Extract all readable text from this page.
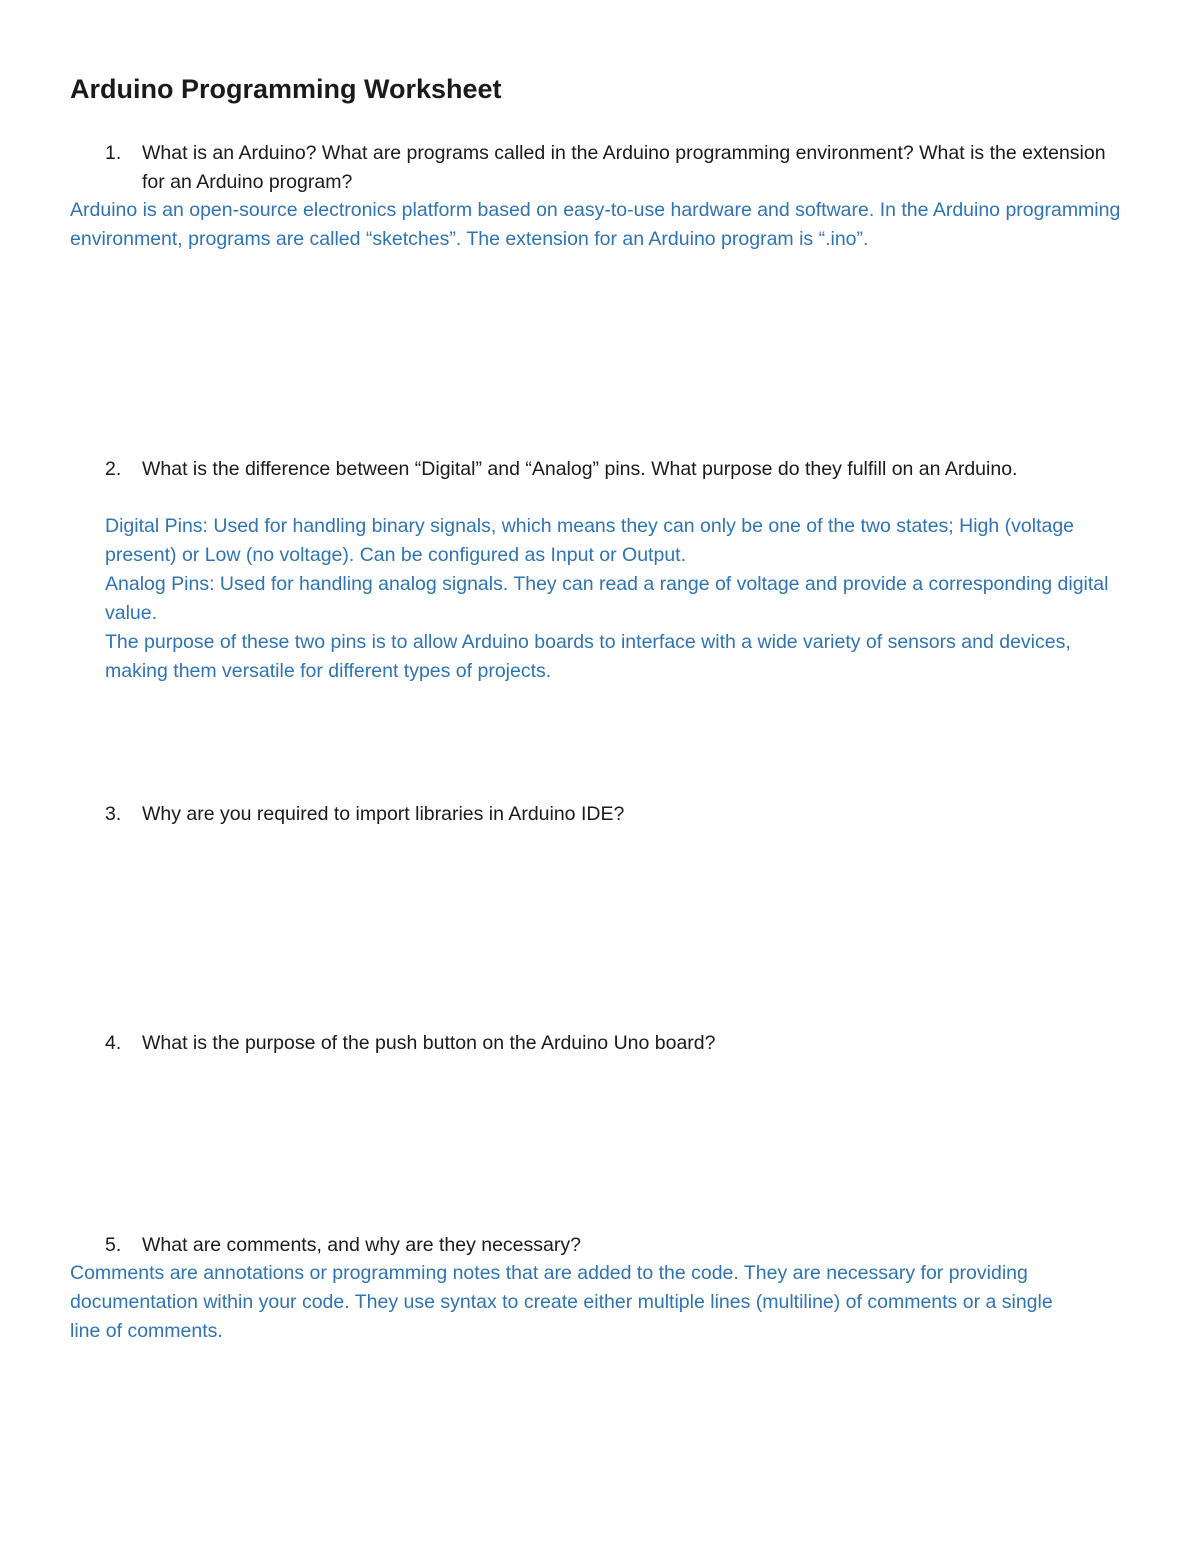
Arduino Programming Worksheet
1. What is an Arduino? What are programs called in the Arduino programming environment? What is the extension for an Arduino program?

Arduino is an open-source electronics platform based on easy-to-use hardware and software. In the Arduino programming environment, programs are called “sketches”. The extension for an Arduino program is “.ino”.

2. What is the difference between “Digital” and “Analog” pins. What purpose do they fulfill on an Arduino.

Digital Pins: Used for handling binary signals, which means they can only be one of the two states; High (voltage present) or Low (no voltage). Can be configured as Input or Output.

Analog Pins: Used for handling analog signals. They can read a range of voltage and provide a corresponding digital value.

The purpose of these two pins is to allow Arduino boards to interface with a wide variety of sensors and devices, making them versatile for different types of projects.

3. Why are you required to import libraries in Arduino IDE?
4. What is the purpose of the push button on the Arduino Uno board?
5. What are comments, and why are they necessary?

Comments are annotations or programming notes that are added to the code. They are necessary for providing documentation within your code. They use syntax to create either multiple lines (multiline) of comments or a single line of comments.
